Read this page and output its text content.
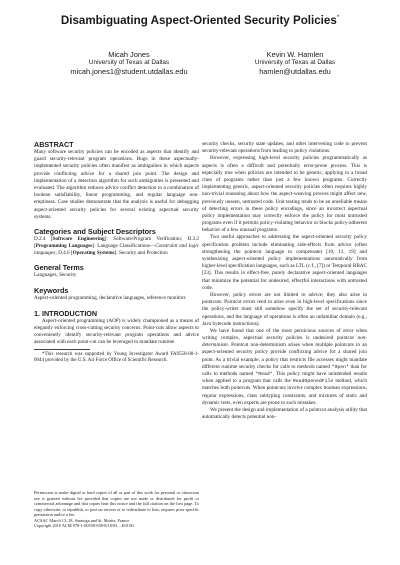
Disambiguating Aspect-Oriented Security Policies*
Micah Jones
University of Texas at Dallas
micah.jones1@student.utdallas.edu
Kevin W. Hamlen
University of Texas at Dallas
hamlen@utdallas.edu
ABSTRACT

Many software security policies can be encoded as aspects that identify and guard security-relevant program operations. Bugs in these aspectually-implemented security policies often manifest as ambiguities in which aspects provide conflicting advice for a shared join point. The design and implementation of a detection algorithm for such ambiguities is presented and evaluated. The algorithm reduces advice conflict detection to a combination of boolean satisfiability, linear programming, and regular language non-emptiness. Case studies demonstrate that the analysis is useful for debugging aspect-oriented security policies for several existing aspectual security systems.

Categories and Subject Descriptors

D.2.4 [Software Engineering]: Software/Program Verification; D.3.2 [Programming Languages]: Language Classifications—Constraint and logic languages; D.4.6 [Operating Systems]: Security and Protection

General Terms

Languages, Security

Keywords

Aspect-oriented programming, declarative languages, reference monitors

1. INTRODUCTION

Aspect-oriented programming (AOP) is widely championed as a means of elegantly enforcing cross-cutting security concerns. Point-cuts allow aspects to conveniently identify security-relevant program operations and advice associated with each point-cut can be leveraged to mandate runtime

*This research was supported by Young Investigator Award FA9550-08-1-0044 provided by the U.S. Air Force Office of Scientific Research.

Permission to make digital or hard copies of all or part of this work for personal or classroom use is granted without fee provided that copies are not made or distributed for profit or commercial advantage and that copies bear this notice and the full citation on the first page. To copy otherwise, to republish, to post on servers or to redistribute to lists, requires prior specific permission and/or a fee.

ACSAC March 13–18, Saratoga and St. Moritz, France

Copyright 2010 ACM 978-1-60558-858-8/10/03 ...$10.00.

security checks, security state updates, and other intervening code to prevent security-relevant operations from leading to policy violations.

However, expressing high-level security policies programmatically as aspects is often a difficult and potentially error-prone process. This is especially true when policies are intended to be generic, applying to a broad class of programs rather than just a few known programs. Correctly implementing generic, aspect-oriented security policies often requires highly non-trivial reasoning about how the aspect-weaving process might affect new, previously unseen, untrusted code. Unit testing tends to be an unreliable means of detecting errors in these policy encodings, since an incorrect aspectual policy implementation may correctly enforce the policy for most untrusted programs even if it permits policy-violating behavior or blocks policy-adherent behavior of a few unusual programs.

Two useful approaches to addressing the aspect-oriented security policy specification problem include eliminating side-effects from advice (often strengthening the pointcut language to compensate) [10, 11, 19] and synthesizing aspect-oriented policy implementations automatically from higher-level specification languages, such as LTL (c.f., [7]) or Temporal RBAC [23]. This results in effect-free, purely declarative aspect-oriented languages that minimize the potential for undesired, effectful interactions with untrusted code.

However, policy errors are not limited to advice; they also arise in pointcuts. Pointcut errors tend to arise even in high-level specifications since the policy-writer must still somehow specify the set of security-relevant operations, and the language of operations is often an unfamiliar domain (e.g., Java bytecode instructions).

We have found that one of the most pernicious sources of error when writing complex, aspectual security policies is undesired pointcut non-determinism. Pointcut non-determinism arises when multiple pointcuts in an aspect-oriented security policy provide conflicting advice for a shared join point. As a trivial example, a policy that restricts file accesses might mandate different runtime security checks for calls to methods named *Open* than for calls to methods named *Read*. This policy might have unintended results when applied to a program that calls the ReadOpenedFile method, which matches both pointcuts. When pointcuts involve complex boolean expressions, regular expressions, class subtyping constraints, and mixtures of static and dynamic tests, even experts are prone to such mistakes.

We present the design and implementation of a pointcut analysis utility that automatically detects potential non-
